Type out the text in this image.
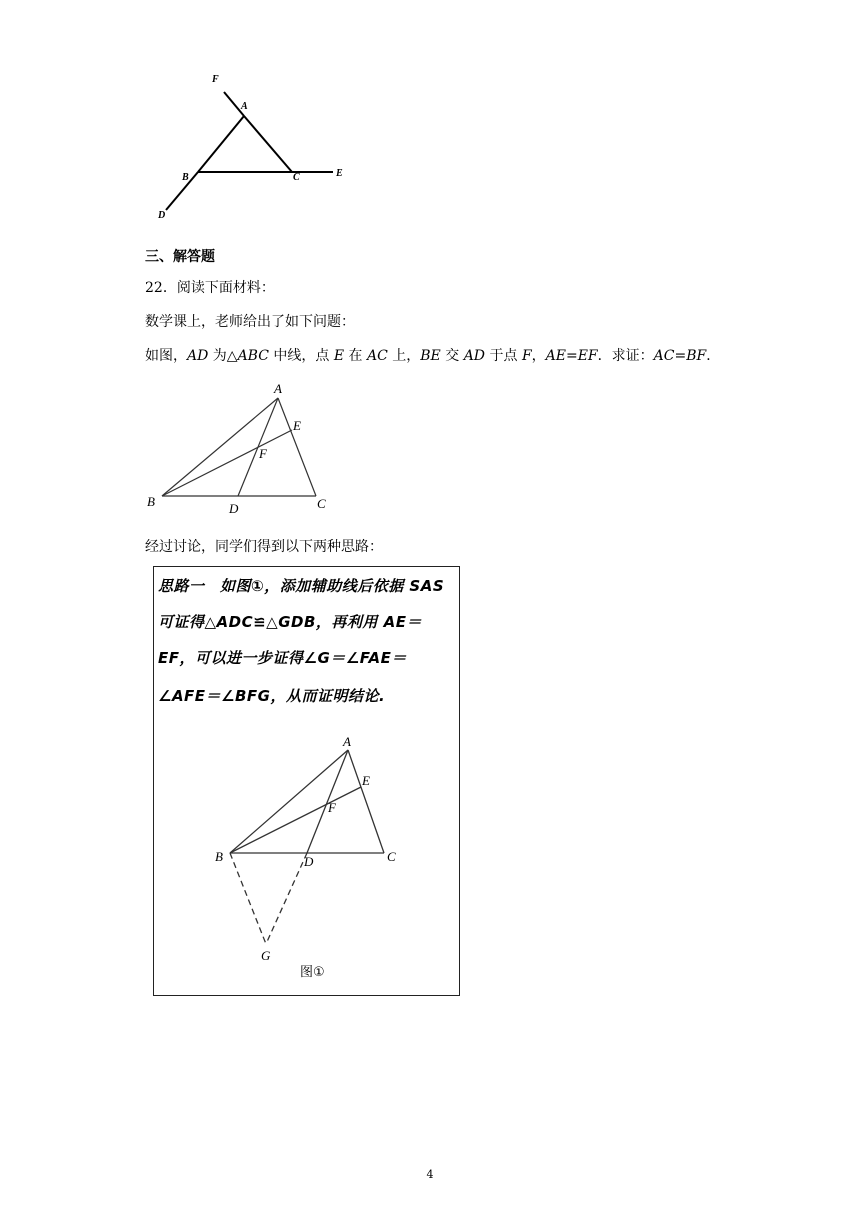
F
A
B	C	E
D
三、解答题
22．阅读下面材料：
数学课上，老师给出了如下问题：
如图，AD 为△ABC 中线，点 E 在 AC 上，BE 交 AD 于点 F，AE=EF．求证：AC=BF．
A
E
F
B	D	C
经过讨论，同学们得到以下两种思路：
思路一　如图①，添加辅助线后依据 SAS
可证得△ADC≌△GDB，再利用 AE＝
EF，可以进一步证得∠G＝∠FAE＝
∠AFE＝∠BFG，从而证明结论.
A
E
F
B	D	C
G
图①
4
